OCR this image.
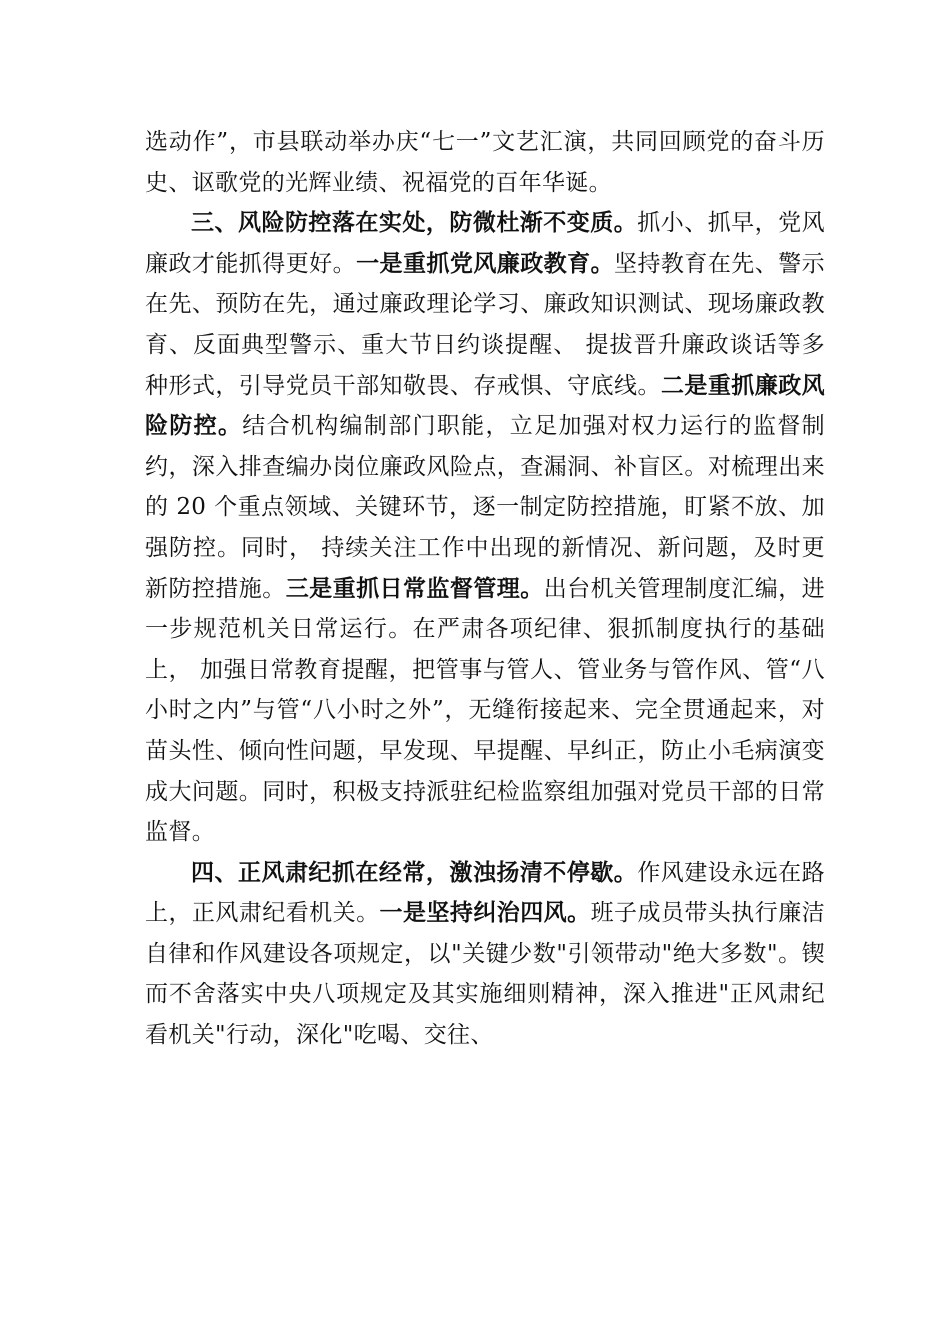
选动作”，市县联动举办庆“七一”文艺汇演，共同回顾党的奋斗历史、讴歌党的光辉业绩、祝福党的百年华诞。

三、风险防控落在实处，防微杜渐不变质。抓小、抓早，党风廉政才能抓得更好。一是重抓党风廉政教育。坚持教育在先、警示在先、预防在先，通过廉政理论学习、廉政知识测试、现场廉政教育、反面典型警示、重大节日约谈提醒、 提拔晋升廉政谈话等多种形式，引导党员干部知敬畏、存戒惧、守底线。二是重抓廉政风险防控。结合机构编制部门职能，立足加强对权力运行的监督制约，深入排查编办岗位廉政风险点，查漏洞、补盲区。对梳理出来的 20 个重点领域、关键环节，逐一制定防控措施，盯紧不放、加强防控。同时， 持续关注工作中出现的新情况、新问题，及时更新防控措施。三是重抓日常监督管理。出台机关管理制度汇编，进一步规范机关日常运行。在严肃各项纪律、狠抓制度执行的基础上， 加强日常教育提醒，把管事与管人、管业务与管作风、管“八小时之内”与管“八小时之外”，无缝衔接起来、完全贯通起来，对苗头性、倾向性问题，早发现、早提醒、早纠正，防止小毛病演变成大问题。同时，积极支持派驻纪检监察组加强对党员干部的日常监督。

四、正风肃纪抓在经常，激浊扬清不停歇。作风建设永远在路上，正风肃纪看机关。一是坚持纠治四风。班子成员带头执行廉洁自律和作风建设各项规定，以"关键少数"引领带动"绝大多数"。锲而不舍落实中央八项规定及其实施细则精神，深入推进"正风肃纪看机关"行动，深化"吃喝、交往、
